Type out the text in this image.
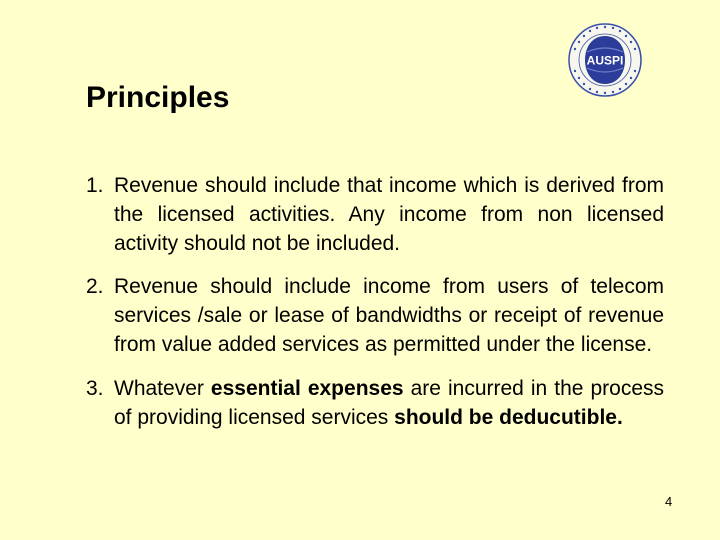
AUSPI
Principles
1. Revenue should include that income which is derived from the licensed activities. Any income from non licensed activity should not be included.
2. Revenue should include income from users of telecom services /sale or lease of bandwidths or receipt of revenue from value added services as permitted under the license.
3. Whatever essential expenses are incurred in the process of providing licensed services should be deducutible.
4
